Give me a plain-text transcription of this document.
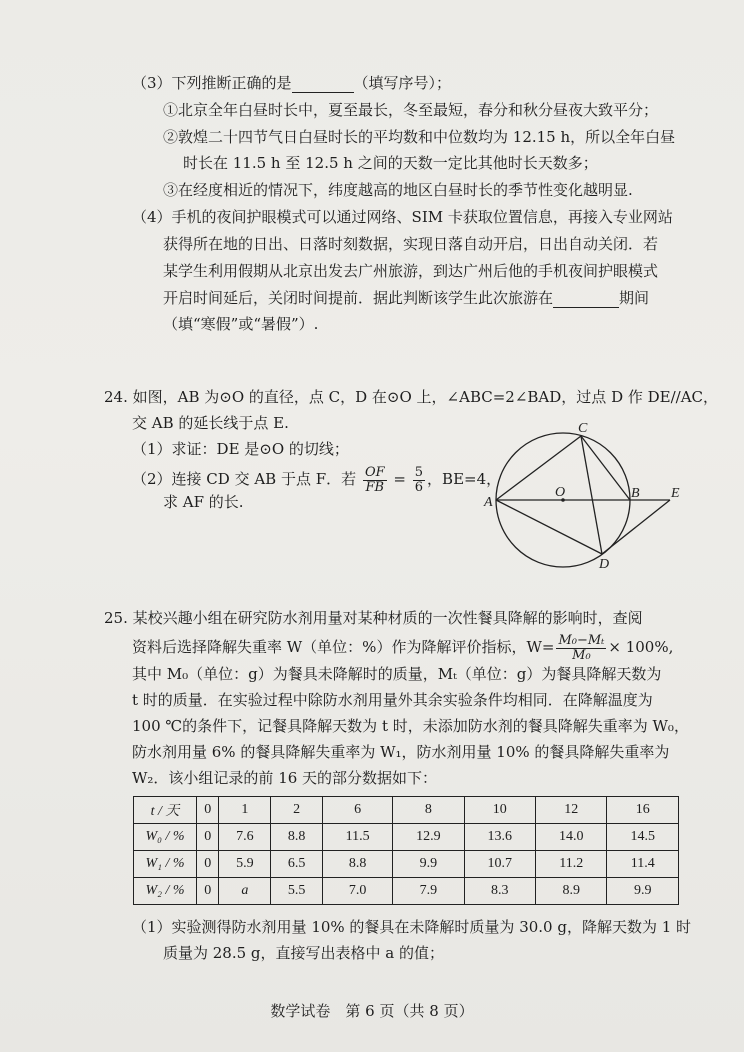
（3）下列推断正确的是	（填写序号）；
①北京全年白昼时长中，夏至最长，冬至最短，春分和秋分昼夜大致平分；
②敦煌二十四节气日白昼时长的平均数和中位数均为 12.15 h，所以全年白昼
时长在 11.5 h 至 12.5 h 之间的天数一定比其他时长天数多；
③在经度相近的情况下，纬度越高的地区白昼时长的季节性变化越明显.
（4）手机的夜间护眼模式可以通过网络、SIM 卡获取位置信息，再接入专业网站
获得所在地的日出、日落时刻数据，实现日落自动开启，日出自动关闭．若
某学生利用假期从北京出发去广州旅游，到达广州后他的手机夜间护眼模式
开启时间延后，关闭时间提前．据此判断该学生此次旅游在	期间
（填“寒假”或“暑假”）.
24. 如图，AB 为⊙O 的直径，点 C，D 在⊙O 上，∠ABC=2∠BAD，过点 D 作 DE//AC，
交 AB 的延长线于点 E.
（1）求证：DE 是⊙O 的切线；
（2）连接 CD 交 AB 于点 F．若 $\frac{OF}{FB} = \frac{5}{6}$ ，BE=4，
求 AF 的长.	A
B
C
D
E
O
25. 某校兴趣小组在研究防水剂用量对某种材质的一次性餐具降解的影响时，查阅
资料后选择降解失重率 W（单位：%）作为降解评价指标，$W= \frac{\text{M₀−Mₜ}}{\text{M₀}} \times 100\%$,
其中 M₀（单位：g）为餐具未降解时的质量，Mₜ（单位：g）为餐具降解天数为
t 时的质量．在实验过程中除防水剂用量外其余实验条件均相同．在降解温度为
100 ℃的条件下，记餐具降解天数为 t 时，未添加防水剂的餐具降解失重率为 W₀，
防水剂用量 6% 的餐具降解失重率为 W₁，防水剂用量 10% 的餐具降解失重率为
W₂．该小组记录的前 16 天的部分数据如下：
t / 天	0	1	2	6	8	10	12	16
W₀ / %	0	7.6	8.8	11.5	12.9	13.6	14.0	14.5
W₁ / %	0	5.9	6.5	8.8	9.9	10.7	11.2	11.4
W₂ / %	0	a	5.5	7.0	7.9	8.3	8.9	9.9
（1）实验测得防水剂用量 10% 的餐具在未降解时质量为 30.0 g，降解天数为 1 时
质量为 28.5 g，直接写出表格中 a 的值；
数学试卷　第 6 页（共 8 页）
